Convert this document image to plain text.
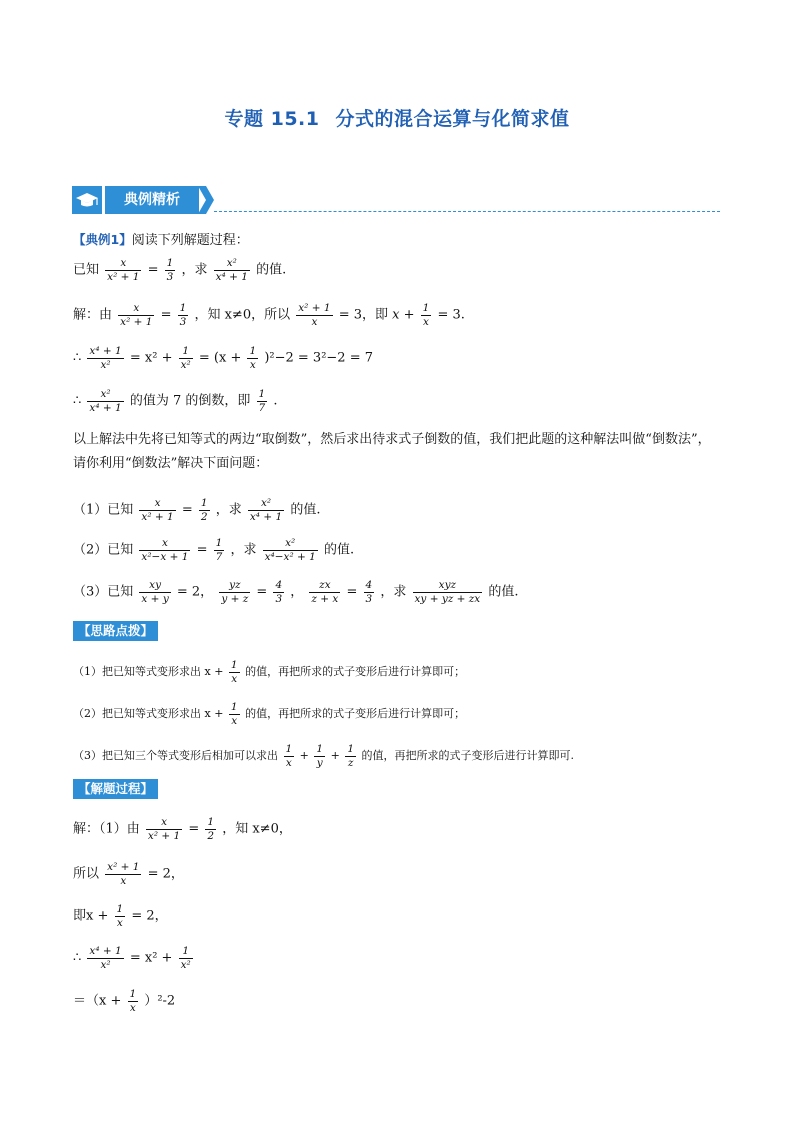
专题 15.1 分式的混合运算与化简求值
典例精析
【典例1】阅读下列解题过程：
已知 $\frac{x}{\text{x² + 1}} = \frac{1}{3}$ ，求 $\frac{\text{x²}}{\text{x⁴ + 1}}$ 的值.
解：由 $\frac{x}{\text{x² + 1}} = \frac{1}{3}$ ，知 x≠0，所以 $\frac{\text{x² + 1}}{x} = 3$，即 $x + \frac{1}{x} = 3$.
∴ $\frac{\text{x⁴ + 1}}{\text{x²}} = x^2 + \frac{1}{\text{x²}} = (x + \frac{1}{x} )^2-2 = 3^2-2 = 7$
∴ $\frac{\text{x²}}{\text{x⁴ + 1}}$ 的值为 7 的倒数，即 $\frac{1}{7}$ .
以上解法中先将已知等式的两边“取倒数”，然后求出待求式子倒数的值，我们把此题的这种解法叫做“倒数法”，请你利用“倒数法”解决下面问题：
（1）已知 $\frac{x}{\text{x² + 1}} = \frac{1}{2}$ ，求 $\frac{\text{x²}}{\text{x⁴ + 1}}$ 的值.
（2）已知 $\frac{x}{\text{x²−x + 1}} = \frac{1}{7}$ ，求 $\frac{\text{x²}}{\text{x⁴−x² + 1}}$ 的值.
（3）已知 $\frac{xy}{x + y} = 2$， $\frac{yz}{y + z} = \frac{4}{3}$ ， $\frac{zx}{z + x} = \frac{4}{3}$ ，求 $\frac{\text{xyz}}{xy + yz + zx}$ 的值.
【思路点拨】
（1）把已知等式变形求出 $x + \frac{1}{x}$ 的值，再把所求的式子变形后进行计算即可；
（2）把已知等式变形求出 $x + \frac{1}{x}$ 的值，再把所求的式子变形后进行计算即可；
（3）把已知三个等式变形后相加可以求出 $\frac{1}{x} + \frac{1}{y} + \frac{1}{z}$ 的值，再把所求的式子变形后进行计算即可.
【解题过程】
解：（1）由 $\frac{x}{\text{x² + 1}} = \frac{1}{2}$ ，知 x≠0，
所以 $\frac{\text{x² + 1}}{x} = 2$，
即$x + \frac{1}{x} = 2$，
∴ $\frac{\text{x⁴ + 1}}{\text{x²}} = x^2 + \frac{1}{\text{x²}}$
$=(x + \frac{1}{x} )^2-2$
